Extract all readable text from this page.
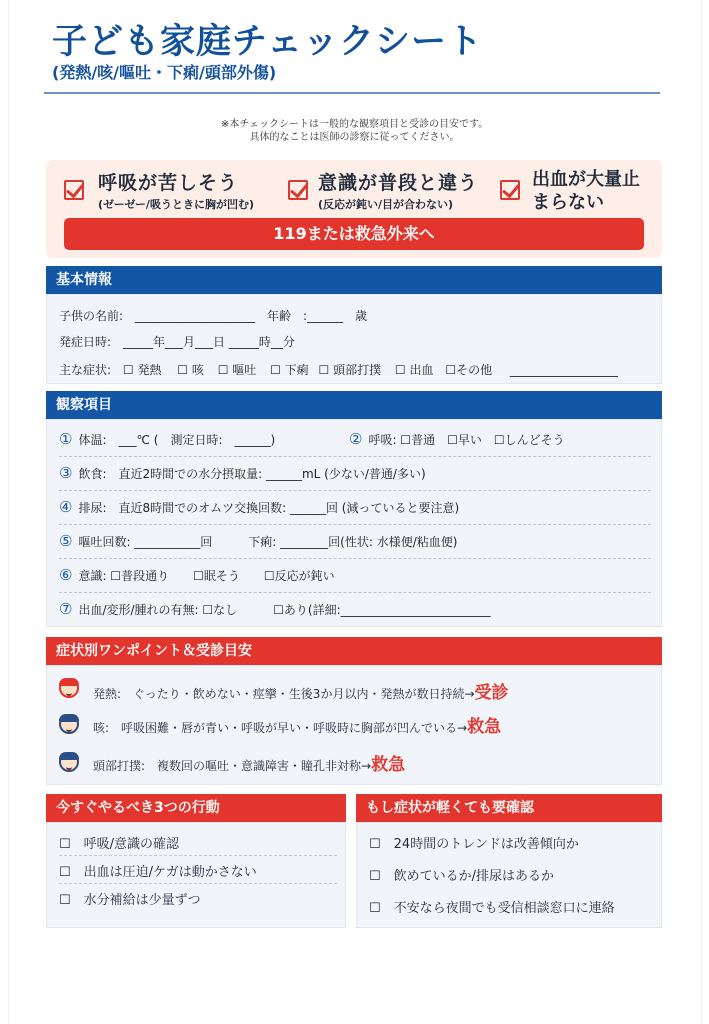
子ども家庭チェックシート
(発熱/咳/嘔吐・下痢/頭部外傷)
※本チェックシートは一般的な観察項目と受診の目安です。
具体的なことは医師の診察に従ってください。
呼吸が苦しそう
(ゼーゼー/吸うときに胸が凹む)
意識が普段と違う
(反応が鈍い/目が合わない)
出血が大量止まらない
119または救急外来へ
基本情報
子供の名前:　____________________　年齢　:______　歳
発症日時:　_____年___月___日 _____時__分
主な症状: ☐ 発熱 ☐ 咳 ☐ 嘔吐 ☐ 下痢 ☐ 頭部打撲 ☐ 出血 ☐その他 __________________
観察項目
① 体温:　___℃ (　測定日時:　______)	② 呼吸: ☐普通　☐早い　☐しんどそう
③ 飲食:　直近2時間での水分摂取量: ______mL (少ない/普通/多い)
④ 排尿:　直近8時間でのオムツ交換回数: ______回 (減っていると要注意)
⑤ 嘔吐回数: ___________回　　　下痢: ________回(性状: 水様便/粘血便)
⑥ 意識: ☐普段通り　　☐眠そう　　☐反応が鈍い
⑦ 出血/変形/腫れの有無: ☐なし　　　☐あり(詳細:_________________________
症状別ワンポイント＆受診目安
発熱:　ぐったり・飲めない・痙攣・生後3か月以内・発熱が数日持続→受診
咳:　呼吸困難・唇が青い・呼吸が早い・呼吸時に胸部が凹んでいる→救急
頭部打撲:　複数回の嘔吐・意識障害・瞳孔非対称→救急
今すぐやるべき3つの行動
☐　呼吸/意識の確認
☐　出血は圧迫/ケガは動かさない
☐　水分補給は少量ずつ
もし症状が軽くても要確認
☐　24時間のトレンドは改善傾向か
☐　飲めているか/排尿はあるか
☐　不安なら夜間でも受信相談窓口に連絡
